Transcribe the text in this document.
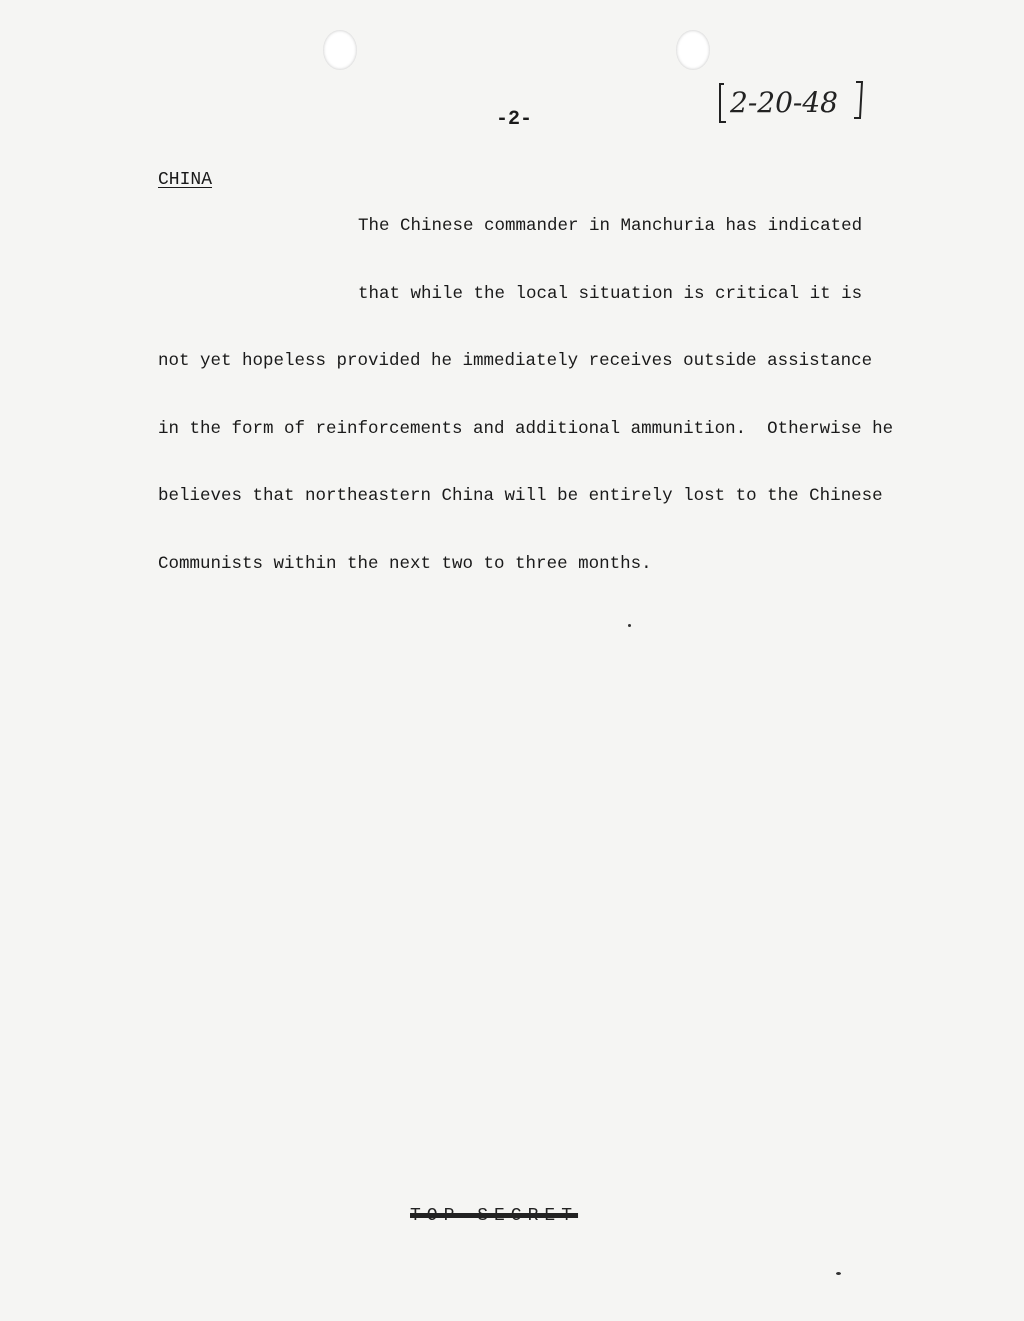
-2-
2-20-48
CHINA

The Chinese commander in Manchuria has indicated

that while the local situation is critical it is

not yet hopeless provided he immediately receives outside assistance

in the form of reinforcements and additional ammunition.  Otherwise he

believes that northeastern China will be entirely lost to the Chinese

Communists within the next two to three months.

TOP SECRET
